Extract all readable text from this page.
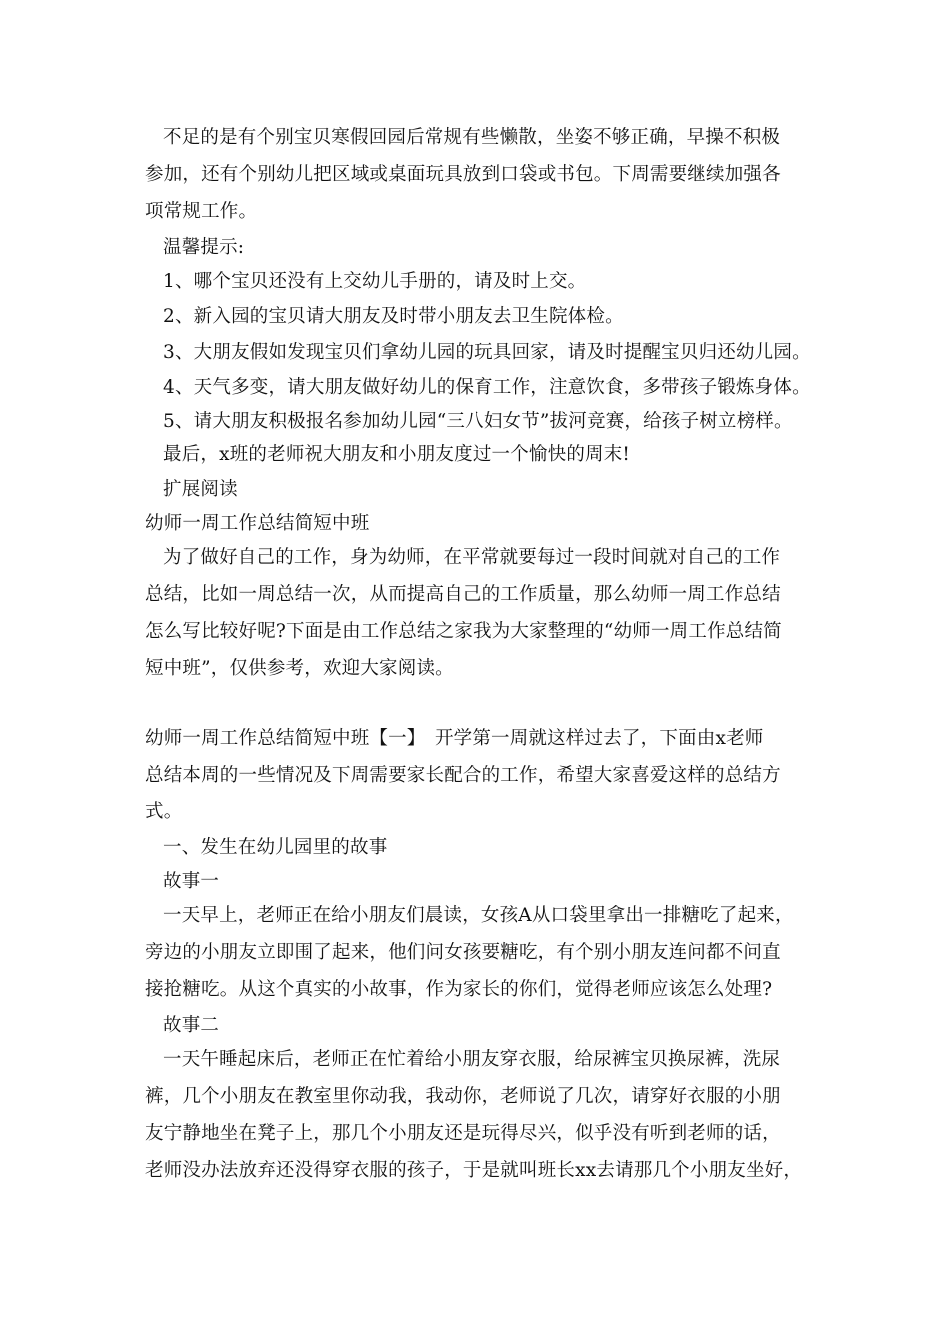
不足的是有个别宝贝寒假回园后常规有些懒散，坐姿不够正确，早操不积极
参加，还有个别幼儿把区域或桌面玩具放到口袋或书包。下周需要继续加强各
项常规工作。
温馨提示:
1、哪个宝贝还没有上交幼儿手册的，请及时上交。
2、新入园的宝贝请大朋友及时带小朋友去卫生院体检。
3、大朋友假如发现宝贝们拿幼儿园的玩具回家，请及时提醒宝贝归还幼儿园。
4、天气多变，请大朋友做好幼儿的保育工作，注意饮食，多带孩子锻炼身体。
5、请大朋友积极报名参加幼儿园“三八妇女节”拔河竞赛，给孩子树立榜样。
最后，x班的老师祝大朋友和小朋友度过一个愉快的周末!
扩展阅读
幼师一周工作总结简短中班
为了做好自己的工作，身为幼师，在平常就要每过一段时间就对自己的工作
总结，比如一周总结一次，从而提高自己的工作质量，那么幼师一周工作总结
怎么写比较好呢?下面是由工作总结之家我为大家整理的“幼师一周工作总结简
短中班”，仅供参考，欢迎大家阅读。
幼师一周工作总结简短中班【一】　开学第一周就这样过去了，下面由x老师
总结本周的一些情况及下周需要家长配合的工作，希望大家喜爱这样的总结方
式。
一、发生在幼儿园里的故事
故事一
一天早上，老师正在给小朋友们晨读，女孩A从口袋里拿出一排糖吃了起来，
旁边的小朋友立即围了起来，他们问女孩要糖吃，有个别小朋友连问都不问直
接抢糖吃。从这个真实的小故事，作为家长的你们，觉得老师应该怎么处理?
故事二
一天午睡起床后，老师正在忙着给小朋友穿衣服，给尿裤宝贝换尿裤，洗尿
裤，几个小朋友在教室里你动我，我动你，老师说了几次，请穿好衣服的小朋
友宁静地坐在凳子上，那几个小朋友还是玩得尽兴，似乎没有听到老师的话，
老师没办法放弃还没得穿衣服的孩子，于是就叫班长xx去请那几个小朋友坐好，
